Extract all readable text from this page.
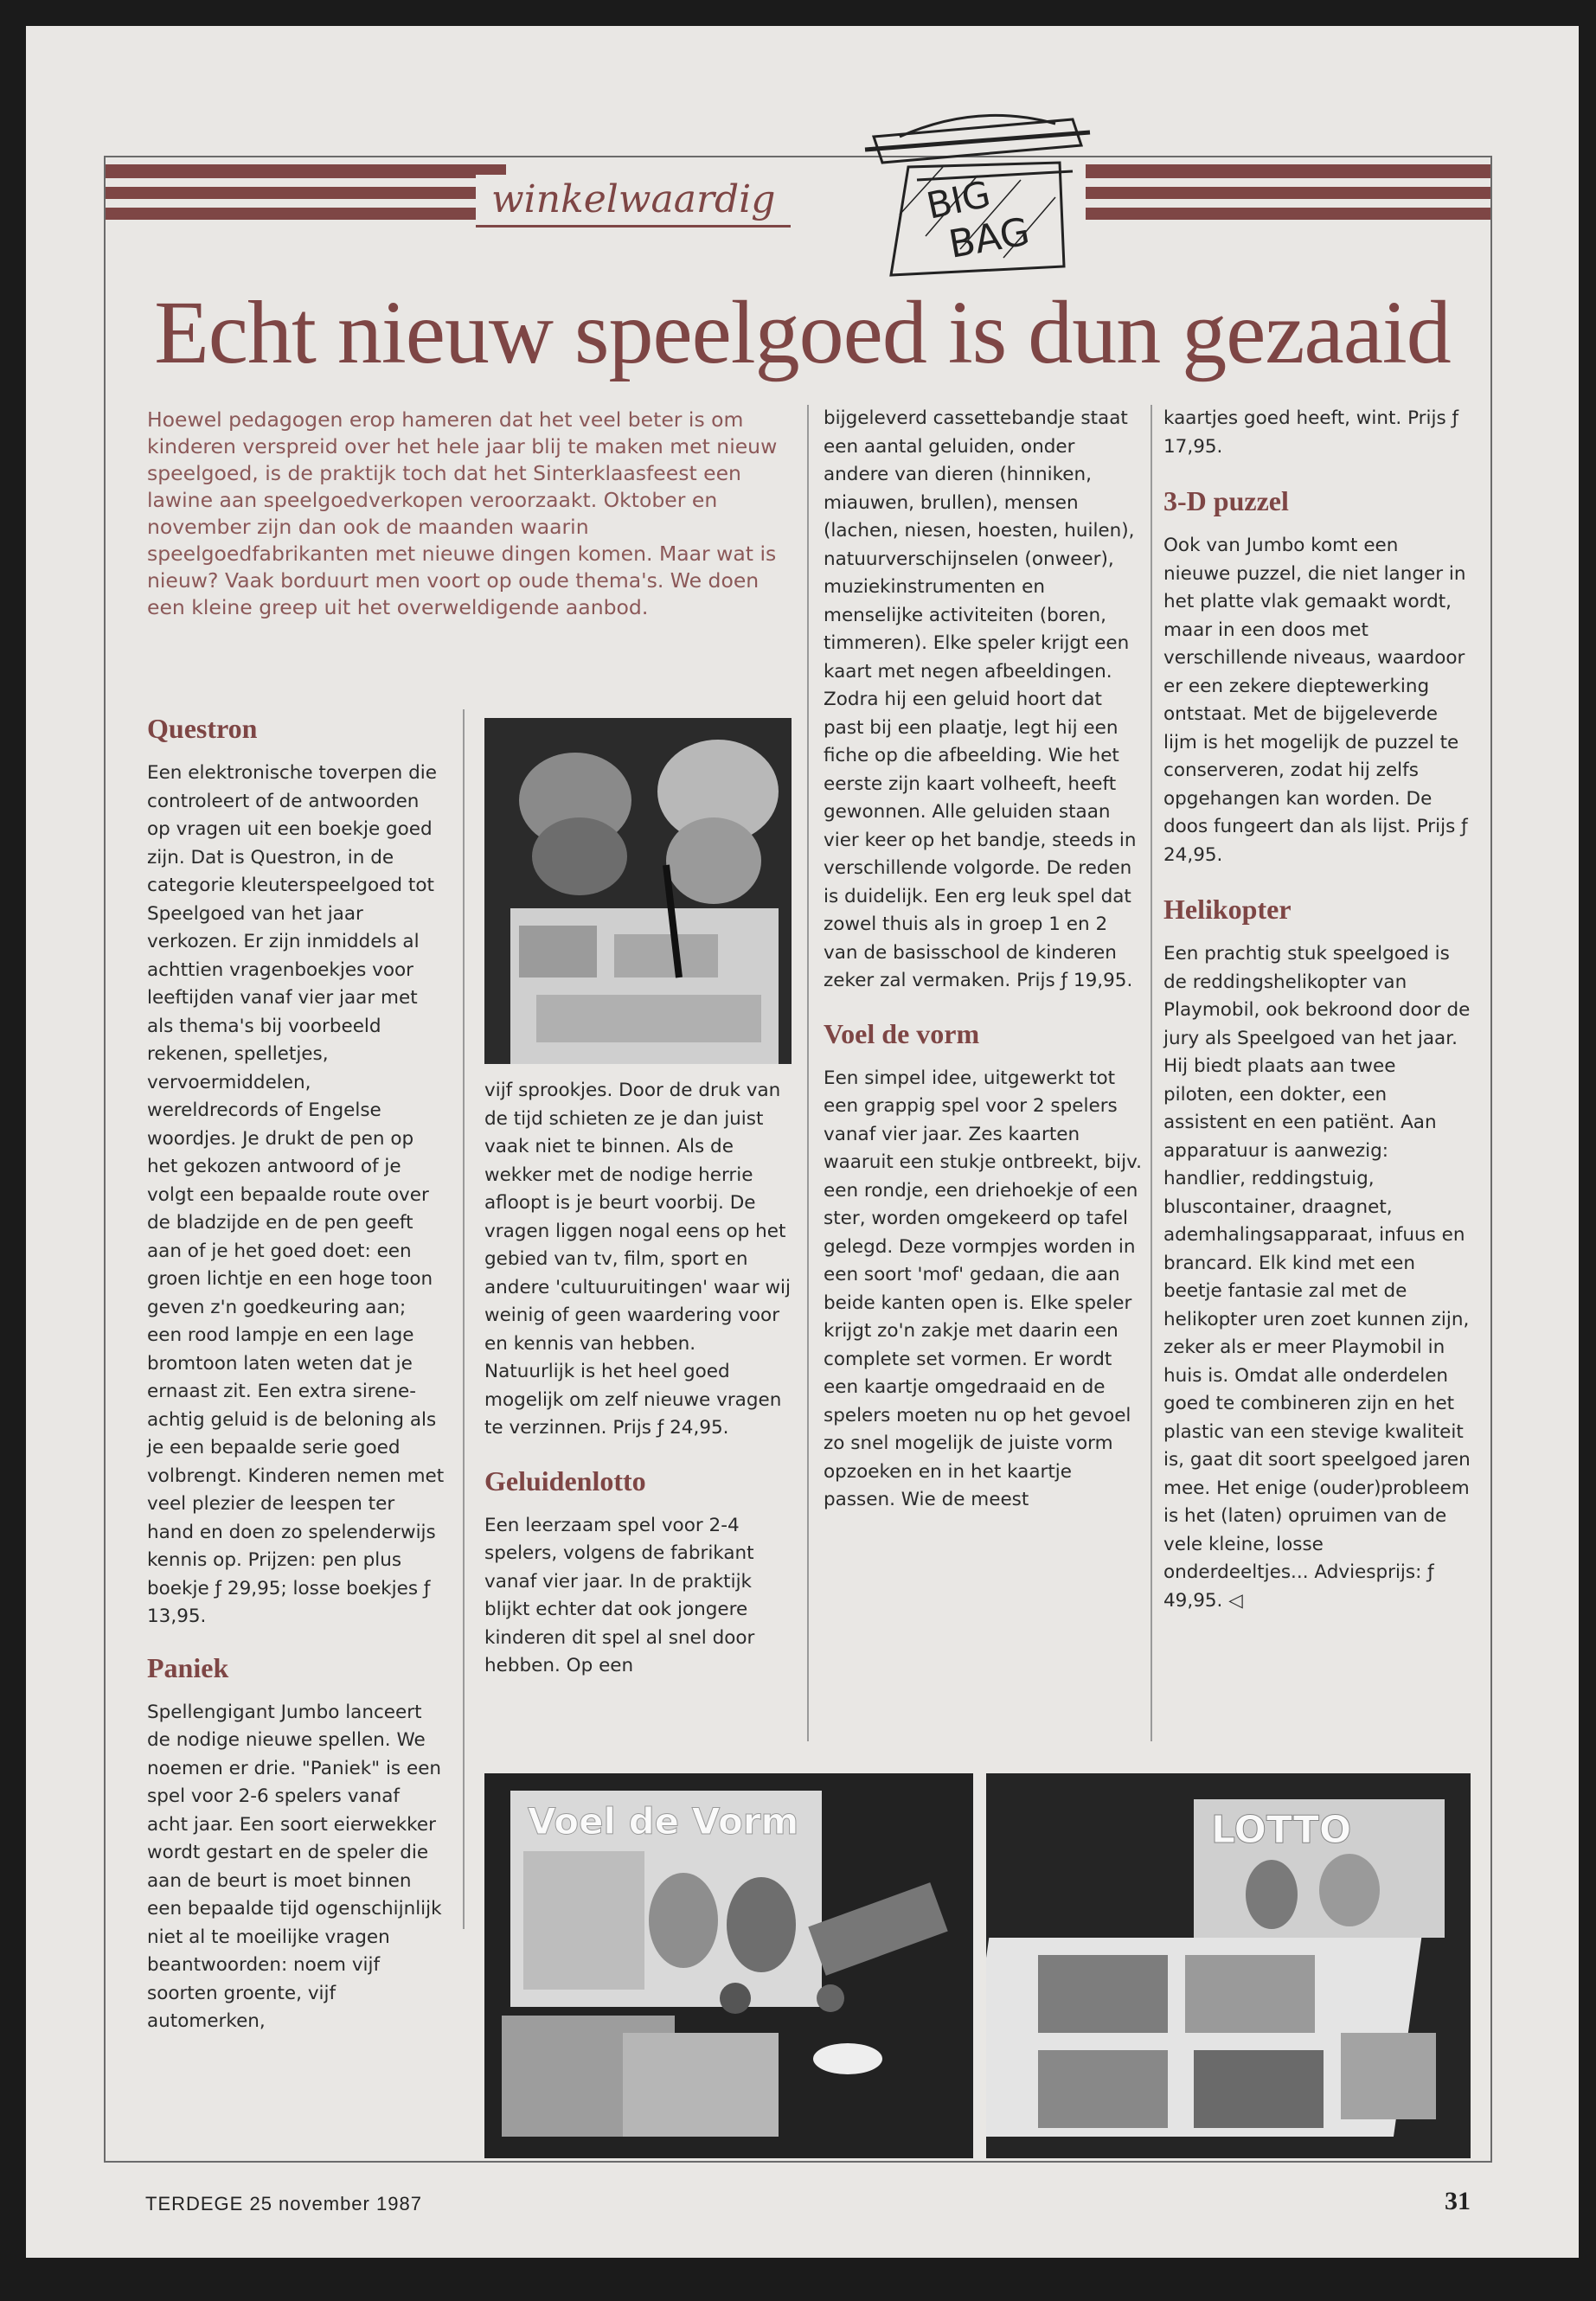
winkelwaardig	BIG
BAG
Echt nieuw speelgoed is dun gezaaid

Hoewel pedagogen erop hameren dat het veel beter is om kinderen verspreid over het hele jaar blij te maken met nieuw speelgoed, is de praktijk toch dat het Sinterklaasfeest een lawine aan speelgoedverkopen veroorzaakt. Oktober en november zijn dan ook de maanden waarin speelgoedfabrikanten met nieuwe dingen komen. Maar wat is nieuw? Vaak borduurt men voort op oude thema's. We doen een kleine greep uit het overweldigende aanbod.

Questron

Een elektronische toverpen die controleert of de antwoorden op vragen uit een boekje goed zijn. Dat is Questron, in de categorie kleuterspeelgoed tot Speelgoed van het jaar verkozen. Er zijn inmiddels al achttien vragenboekjes voor leeftijden vanaf vier jaar met als thema's bij voorbeeld rekenen, spelletjes, vervoermiddelen, wereldrecords of Engelse woordjes. Je drukt de pen op het gekozen antwoord of je volgt een bepaalde route over de bladzijde en de pen geeft aan of je het goed doet: een groen lichtje en een hoge toon geven z'n goedkeuring aan; een rood lampje en een lage bromtoon laten weten dat je ernaast zit. Een extra sirene-achtig geluid is de beloning als je een bepaalde serie goed volbrengt. Kinderen nemen met veel plezier de leespen ter hand en doen zo spelenderwijs kennis op. Prijzen: pen plus boekje ƒ 29,95; losse boekjes ƒ 13,95.

Paniek

Spellengigant Jumbo lanceert de nodige nieuwe spellen. We noemen er drie. "Paniek" is een spel voor 2-6 spelers vanaf acht jaar. Een soort eierwekker wordt gestart en de speler die aan de beurt is moet binnen een bepaalde tijd ogenschijnlijk niet al te moeilijke vragen beantwoorden: noem vijf soorten groente, vijf automerken,

vijf sprookjes. Door de druk van de tijd schieten ze je dan juist vaak niet te binnen. Als de wekker met de nodige herrie afloopt is je beurt voorbij. De vragen liggen nogal eens op het gebied van tv, film, sport en andere 'cultuuruitingen' waar wij weinig of geen waardering voor en kennis van hebben. Natuurlijk is het heel goed mogelijk om zelf nieuwe vragen te verzinnen. Prijs ƒ 24,95.

Geluidenlotto

Een leerzaam spel voor 2-4 spelers, volgens de fabrikant vanaf vier jaar. In de praktijk blijkt echter dat ook jongere kinderen dit spel al snel door hebben. Op een

bijgeleverd cassettebandje staat een aantal geluiden, onder andere van dieren (hinniken, miauwen, brullen), mensen (lachen, niesen, hoesten, huilen), natuurverschijnselen (onweer), muziekinstrumenten en menselijke activiteiten (boren, timmeren). Elke speler krijgt een kaart met negen afbeeldingen. Zodra hij een geluid hoort dat past bij een plaatje, legt hij een fiche op die afbeelding. Wie het eerste zijn kaart volheeft, heeft gewonnen. Alle geluiden staan vier keer op het bandje, steeds in verschillende volgorde. De reden is duidelijk. Een erg leuk spel dat zowel thuis als in groep 1 en 2 van de basisschool de kinderen zeker zal vermaken. Prijs ƒ 19,95.

Voel de vorm

Een simpel idee, uitgewerkt tot een grappig spel voor 2 spelers vanaf vier jaar. Zes kaarten waaruit een stukje ontbreekt, bijv. een rondje, een driehoekje of een ster, worden omgekeerd op tafel gelegd. Deze vormpjes worden in een soort 'mof' gedaan, die aan beide kanten open is. Elke speler krijgt zo'n zakje met daarin een complete set vormen. Er wordt een kaartje omgedraaid en de spelers moeten nu op het gevoel zo snel mogelijk de juiste vorm opzoeken en in het kaartje passen. Wie de meest

kaartjes goed heeft, wint. Prijs ƒ 17,95.

3-D puzzel

Ook van Jumbo komt een nieuwe puzzel, die niet langer in het platte vlak gemaakt wordt, maar in een doos met verschillende niveaus, waardoor er een zekere dieptewerking ontstaat. Met de bijgeleverde lijm is het mogelijk de puzzel te conserveren, zodat hij zelfs opgehangen kan worden. De doos fungeert dan als lijst. Prijs ƒ 24,95.

Helikopter

Een prachtig stuk speelgoed is de reddingshelikopter van Playmobil, ook bekroond door de jury als Speelgoed van het jaar. Hij biedt plaats aan twee piloten, een dokter, een assistent en een patiënt. Aan apparatuur is aanwezig: handlier, reddingstuig, bluscontainer, draagnet, ademhalingsapparaat, infuus en brancard. Elk kind met een beetje fantasie zal met de helikopter uren zoet kunnen zijn, zeker als er meer Playmobil in huis is. Omdat alle onderdelen goed te combineren zijn en het plastic van een stevige kwaliteit is, gaat dit soort speelgoed jaren mee. Het enige (ouder)probleem is het (laten) opruimen van de vele kleine, losse onderdeeltjes... Adviesprijs: ƒ 49,95. ◁

Voel de Vorm	LOTTO
TERDEGE 25 november 1987	31
